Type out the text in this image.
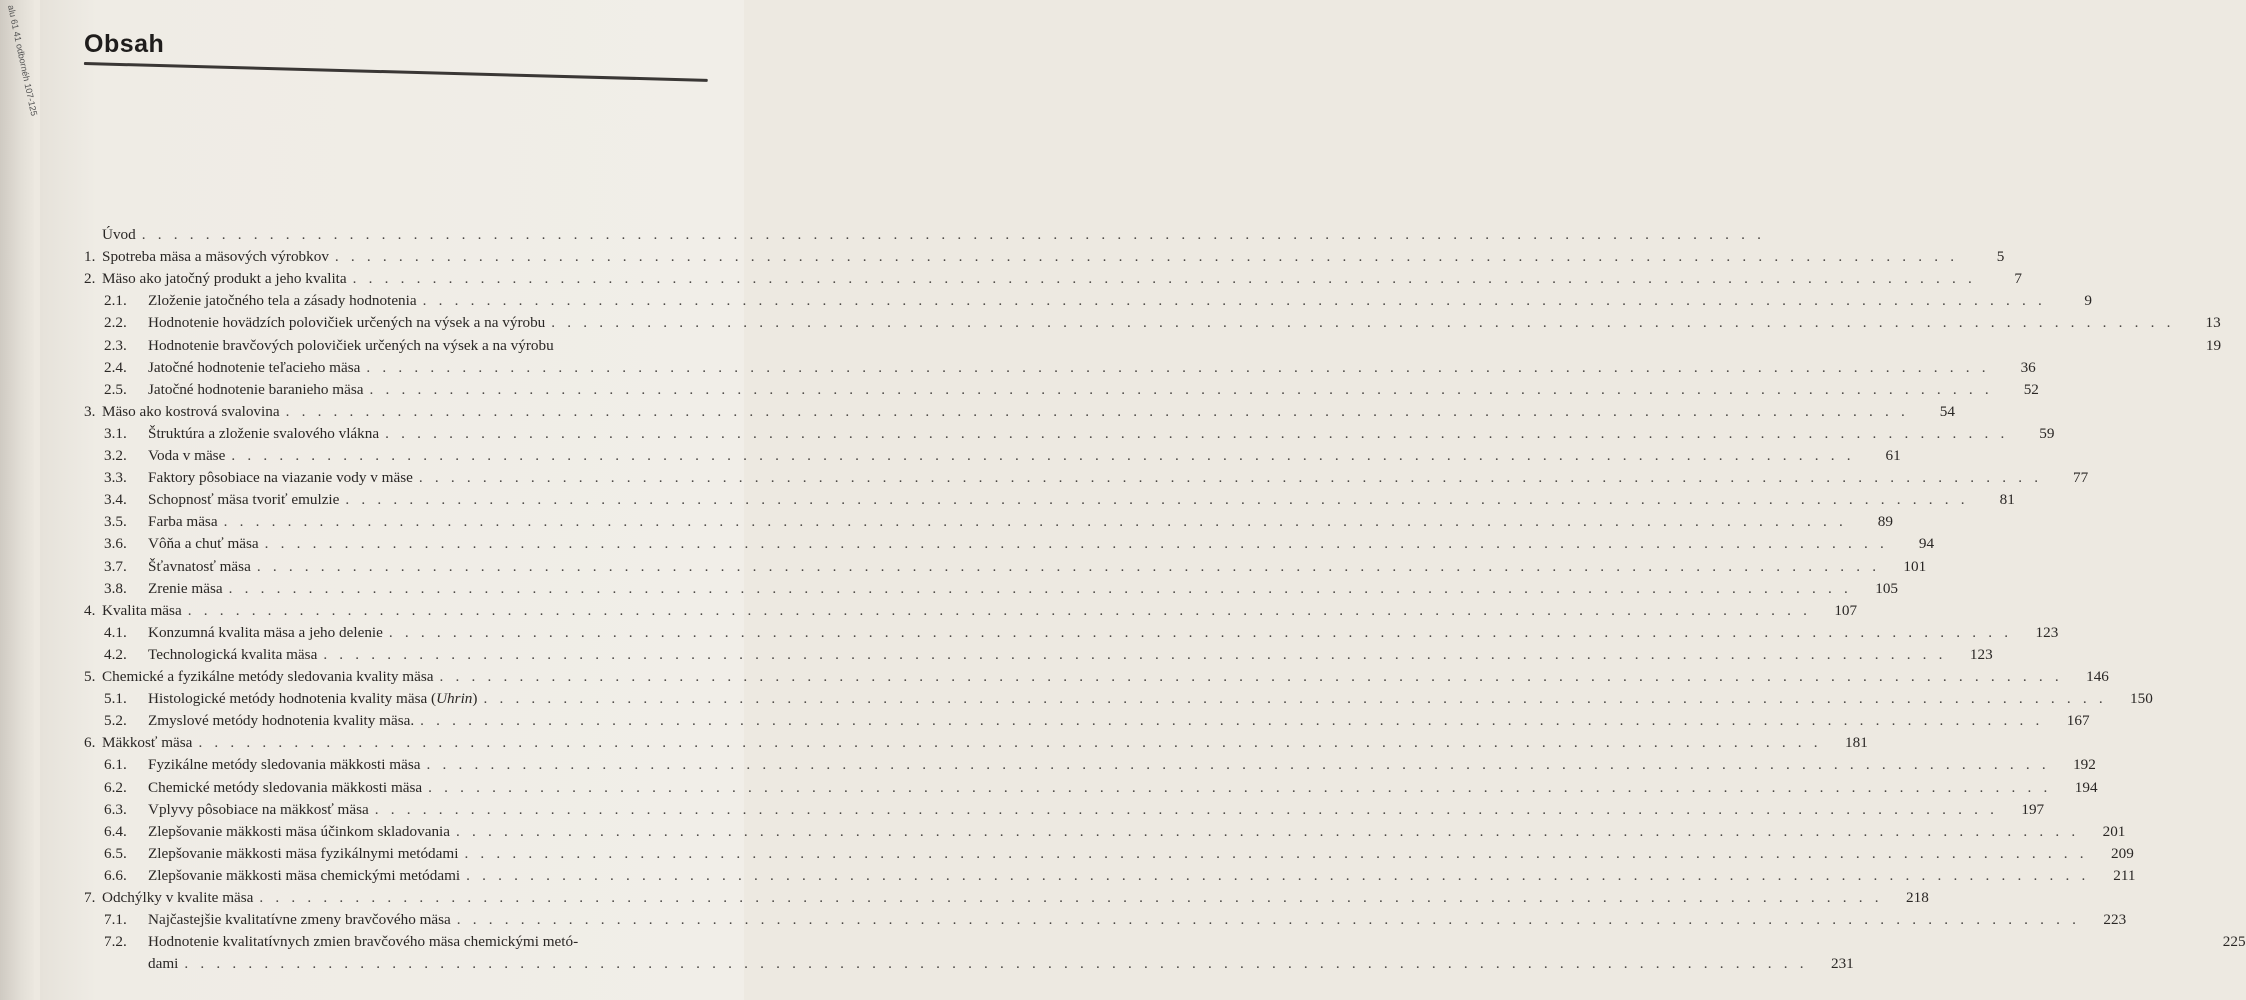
alu 61 41 odbornéh 107-125 Obsah
Úvod
. . .
1. Spotreba mäsa a mäsových výrobkov . . .	5
2. Mäso ako jatočný produkt a jeho kvalita . . .	7
2.1.	Zloženie jatočného tela a zásady hodnotenia . . .	9
2.2.	Hodnotenie hovädzích polovičiek určených na výsek a na výrobu . . .	13
2.3.	Hodnotenie bravčových polovičiek určených na výsek a na výrobu	19
2.4.	Jatočné hodnotenie teľacieho mäsa . . .	36
2.5.	Jatočné hodnotenie baranieho mäsa . . .	52
3. Mäso ako kostrová svalovina . . .	54
3.1.	Štruktúra a zloženie svalového vlákna . . .	59
3.2.	Voda v mäse . . .	61
3.3.	Faktory pôsobiace na viazanie vody v mäse . . .	77
3.4.	Schopnosť mäsa tvoriť emulzie . . .	81
3.5.	Farba mäsa . . .	89
3.6.	Vôňa a chuť mäsa . . .	94
3.7.	Šťavnatosť mäsa . . .	101
3.8.	Zrenie mäsa . . .	105
4. Kvalita mäsa . . .	107
4.1.	Konzumná kvalita mäsa a jeho delenie . . .	123
4.2.	Technologická kvalita mäsa . . .	123
5. Chemické a fyzikálne metódy sledovania kvality mäsa . . .	146
5.1.	Histologické metódy hodnotenia kvality mäsa (Uhrin) . . .	150
5.2.	Zmyslové metódy hodnotenia kvality mäsa. . . .	167
6. Mäkkosť mäsa . . .	181
6.1.	Fyzikálne metódy sledovania mäkkosti mäsa . . .	192
6.2.	Chemické metódy sledovania mäkkosti mäsa . . .	194
6.3.	Vplyvy pôsobiace na mäkkosť mäsa . . .	197
6.4.	Zlepšovanie mäkkosti mäsa účinkom skladovania . . .	201
6.5.	Zlepšovanie mäkkosti mäsa fyzikálnymi metódami . . .	209
6.6.	Zlepšovanie mäkkosti mäsa chemickými metódami . . .	211
7. Odchýlky v kvalite mäsa . . .	218
7.1.	Najčastejšie kvalitatívne zmeny bravčového mäsa . . .	223
7.2.	Hodnotenie kvalitatívnych zmien bravčového mäsa chemickými metó-	225
dami . . .	231
